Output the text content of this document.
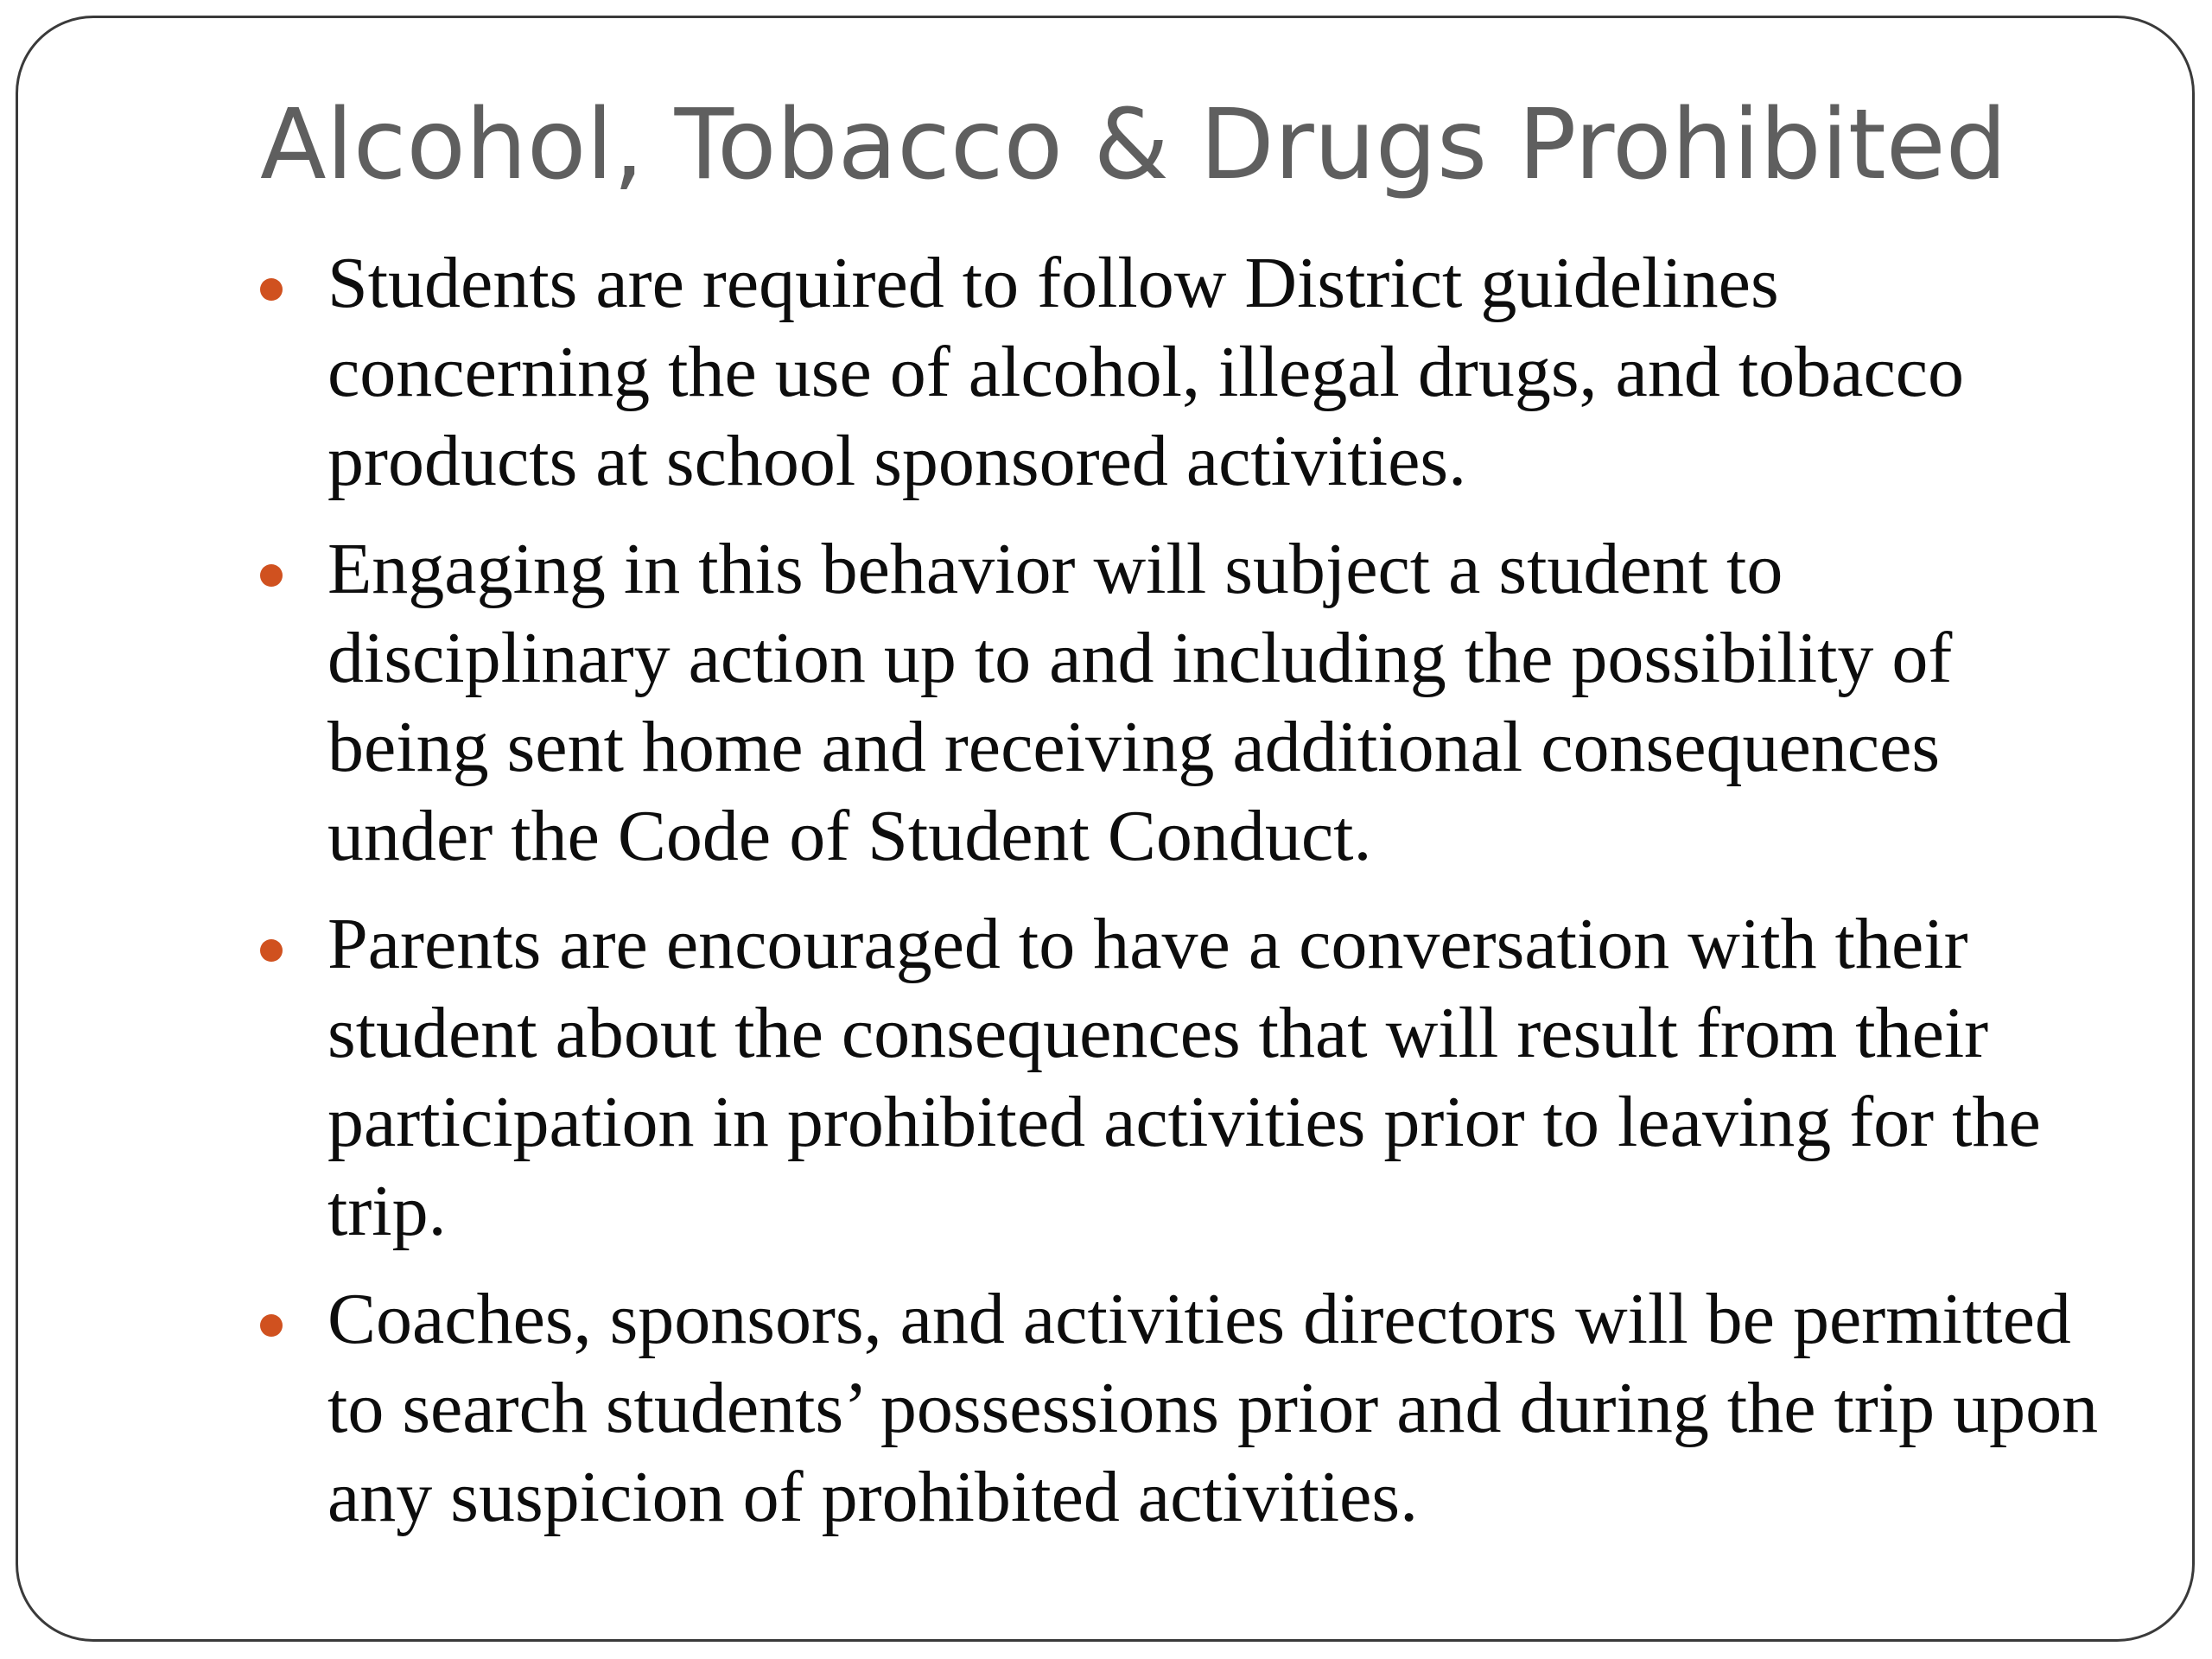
Alcohol, Tobacco & Drugs Prohibited
Students are required to follow District guidelines concerning the use of alcohol, illegal drugs, and tobacco products at school sponsored activities.
Engaging in this behavior will subject a student to disciplinary action up to and including the possibility of being sent home and receiving additional consequences under the Code of Student Conduct.
Parents are encouraged to have a conversation with their student about the consequences that will result from their participation in prohibited activities prior to leaving for the trip.
Coaches, sponsors, and activities directors will be permitted to search students’ possessions prior and during the trip upon any suspicion of prohibited activities.
